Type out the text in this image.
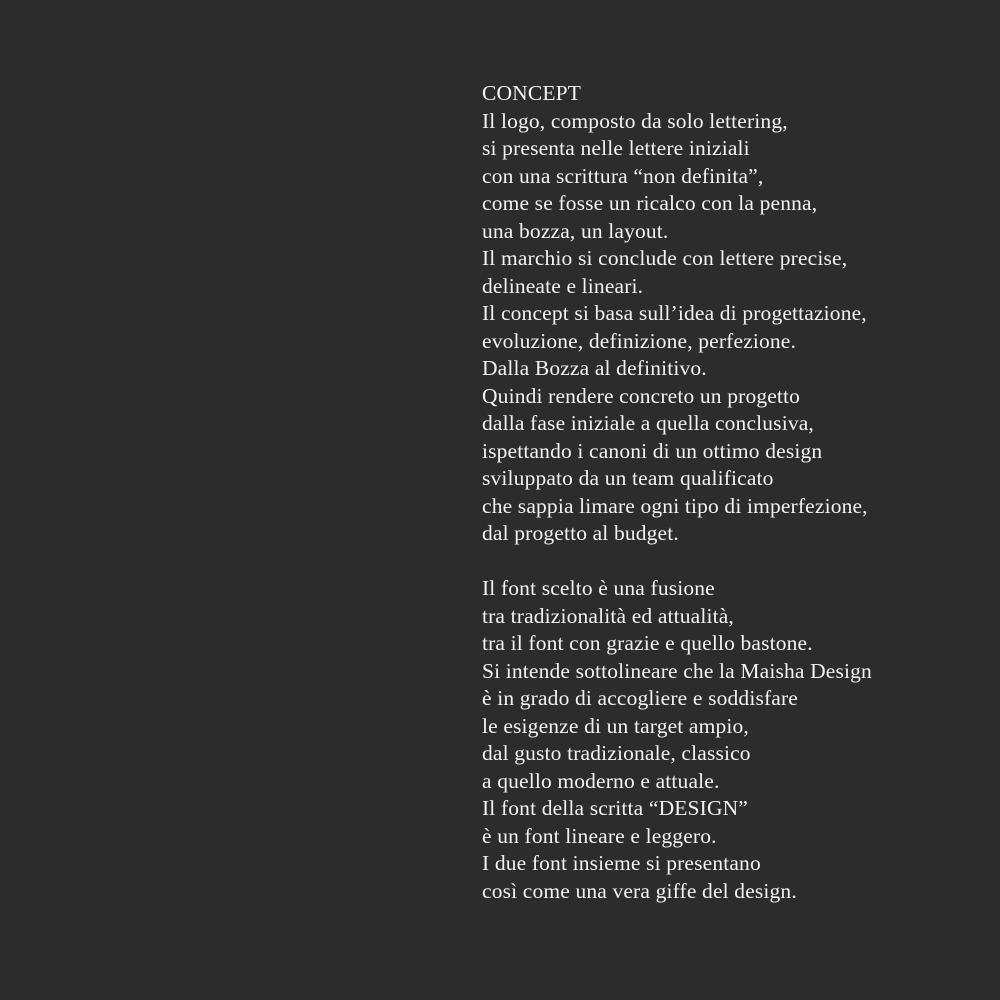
CONCEPT
Il logo, composto da solo lettering,
si presenta nelle lettere iniziali
con una scrittura “non definita”,
come se fosse un ricalco con la penna,
una bozza, un layout.
Il marchio si conclude con lettere precise,
delineate e lineari.
Il concept si basa sull’idea di progettazione,
evoluzione, definizione, perfezione.
Dalla Bozza al definitivo.
Quindi rendere concreto un progetto
dalla fase iniziale a quella conclusiva,
ispettando i canoni di un ottimo design
sviluppato da un team qualificato
che sappia limare ogni tipo di imperfezione,
dal progetto al budget.
Il font scelto è una fusione
tra tradizionalità ed attualità,
tra il font con grazie e quello bastone.
Si intende sottolineare che la Maisha Design
è in grado di accogliere e soddisfare
le esigenze di un target ampio,
dal gusto tradizionale, classico
a quello moderno e attuale.
Il font della scritta “DESIGN”
è un font lineare e leggero.
I due font insieme si presentano
così come una vera giffe del design.
